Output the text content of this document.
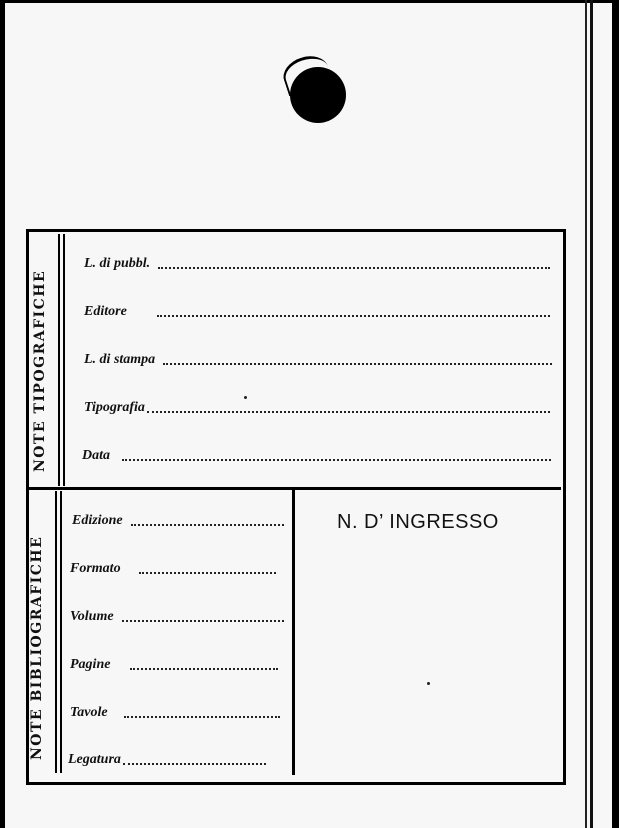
NOTE TIPOGRAFICHE
L. di pubbl.
Editore
L. di stampa
Tipografia
Data
NOTE BIBLIOGRAFICHE
Edizione
Formato
Volume
Pagine
Tavole
Legatura
N. D’ INGRESSO
